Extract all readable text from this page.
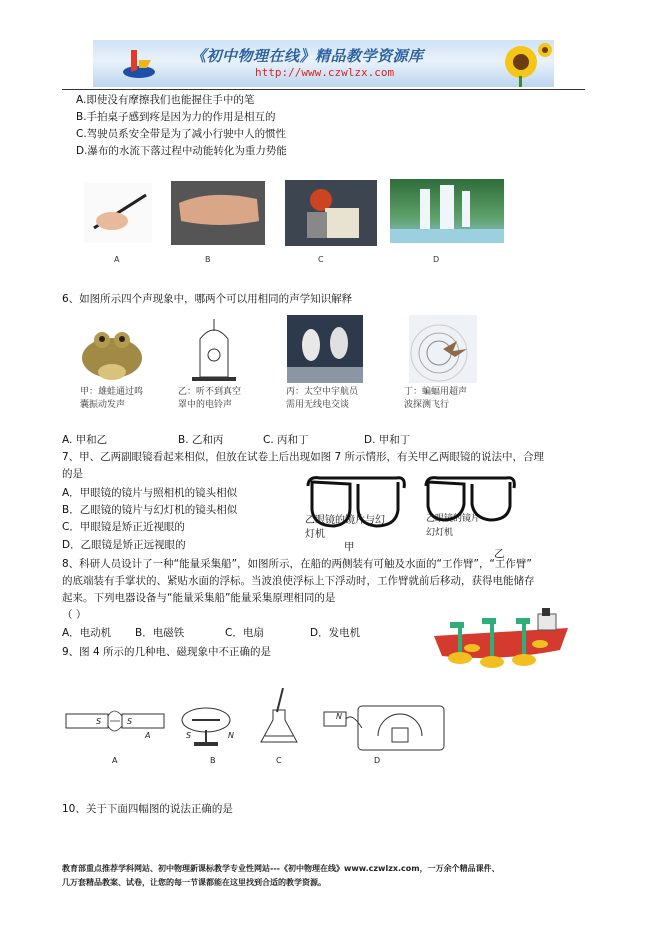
《初中物理在线》精品教学资源库
http://www.czwlzx.com
A.即使没有摩擦我们也能握住手中的笔
B.手拍桌子感到疼是因为力的作用是相互的
C.驾驶员系安全带是为了减小行驶中人的惯性
D.瀑布的水流下落过程中动能转化为重力势能
A	B	C	D
6、如图所示四个声现象中，哪两个可以用相同的声学知识解释
甲：雄蛙通过鸣
囊振动发声
乙：听不到真空
罩中的电铃声
丙：太空中宇航员
需用无线电交谈
丁：蝙蝠用超声
波探测飞行
A. 甲和乙	B. 乙和丙	C. 丙和丁	D. 甲和丁
7、甲、乙两副眼镜看起来相似，但放在试卷上后出现如图 7 所示情形，有关甲乙两眼镜的说法中，合理
的是
A．甲眼镜的镜片与照相机的镜头相似
B．乙眼镜的镜片与幻灯机的镜头相似
C．甲眼镜是矫正近视眼的
D．乙眼镜是矫正远视眼的
乙眼镜的镜片与幻
灯机
乙眼镜的镜片
幻灯机
甲
乙
8、科研人员设计了一种“能量采集船”，如图所示，在船的两侧装有可触及水面的“工作臂”，“工作臂”
的底端装有手掌状的、紧贴水面的浮标。当波浪使浮标上下浮动时，工作臂就前后移动，获得电能储存
起来。下列电器设备与“能量采集船”能量采集原理相同的是
（ ）
A．电动机 B．电磁铁	C．电扇	D．发电机
9、图 4 所示的几种电、磁现象中不正确的是
S	S
A	S	N
N
A	B	C	D
10、关于下面四幅图的说法正确的是
教育部重点推荐学科网站、初中物理新课标教学专业性网站---《初中物理在线》www.czwlzx.com，一万余个精品课件、
几万套精品教案、试卷，让您的每一节课都能在这里找到合适的教学资源。
